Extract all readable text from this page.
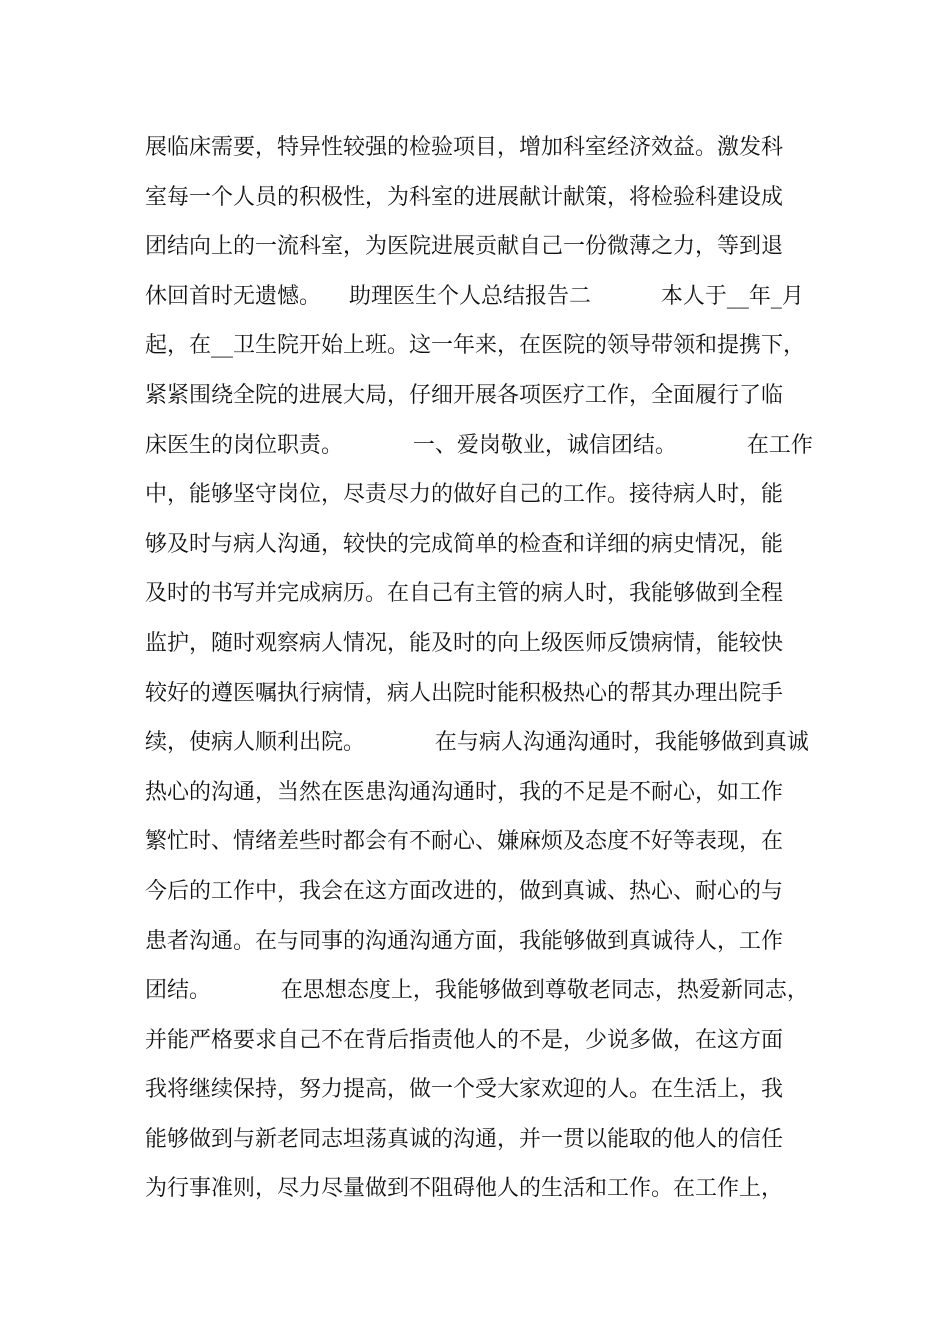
展临床需要，特异性较强的检验项目，增加科室经济效益。激发科
室每一个人员的积极性，为科室的进展献计献策，将检验科建设成
团结向上的一流科室，为医院进展贡献自己一份微薄之力，等到退
休回首时无遗憾。    助理医生个人总结报告二          本人于__年_月
起，在__卫生院开始上班。这一年来，在医院的领导带领和提携下，
紧紧围绕全院的进展大局，仔细开展各项医疗工作，全面履行了临
床医生的岗位职责。          一、爱岗敬业，诚信团结。          在工作
中，能够坚守岗位，尽责尽力的做好自己的工作。接待病人时，能
够及时与病人沟通，较快的完成简单的检查和详细的病史情况，能
及时的书写并完成病历。在自己有主管的病人时，我能够做到全程
监护，随时观察病人情况，能及时的向上级医师反馈病情，能较快
较好的遵医嘱执行病情，病人出院时能积极热心的帮其办理出院手
续，使病人顺利出院。          在与病人沟通沟通时，我能够做到真诚
热心的沟通，当然在医患沟通沟通时，我的不足是不耐心，如工作
繁忙时、情绪差些时都会有不耐心、嫌麻烦及态度不好等表现，在
今后的工作中，我会在这方面改进的，做到真诚、热心、耐心的与
患者沟通。在与同事的沟通沟通方面，我能够做到真诚待人，工作
团结。          在思想态度上，我能够做到尊敬老同志，热爱新同志，
并能严格要求自己不在背后指责他人的不是，少说多做，在这方面
我将继续保持，努力提高，做一个受大家欢迎的人。在生活上，我
能够做到与新老同志坦荡真诚的沟通，并一贯以能取的他人的信任
为行事准则，尽力尽量做到不阻碍他人的生活和工作。在工作上，
